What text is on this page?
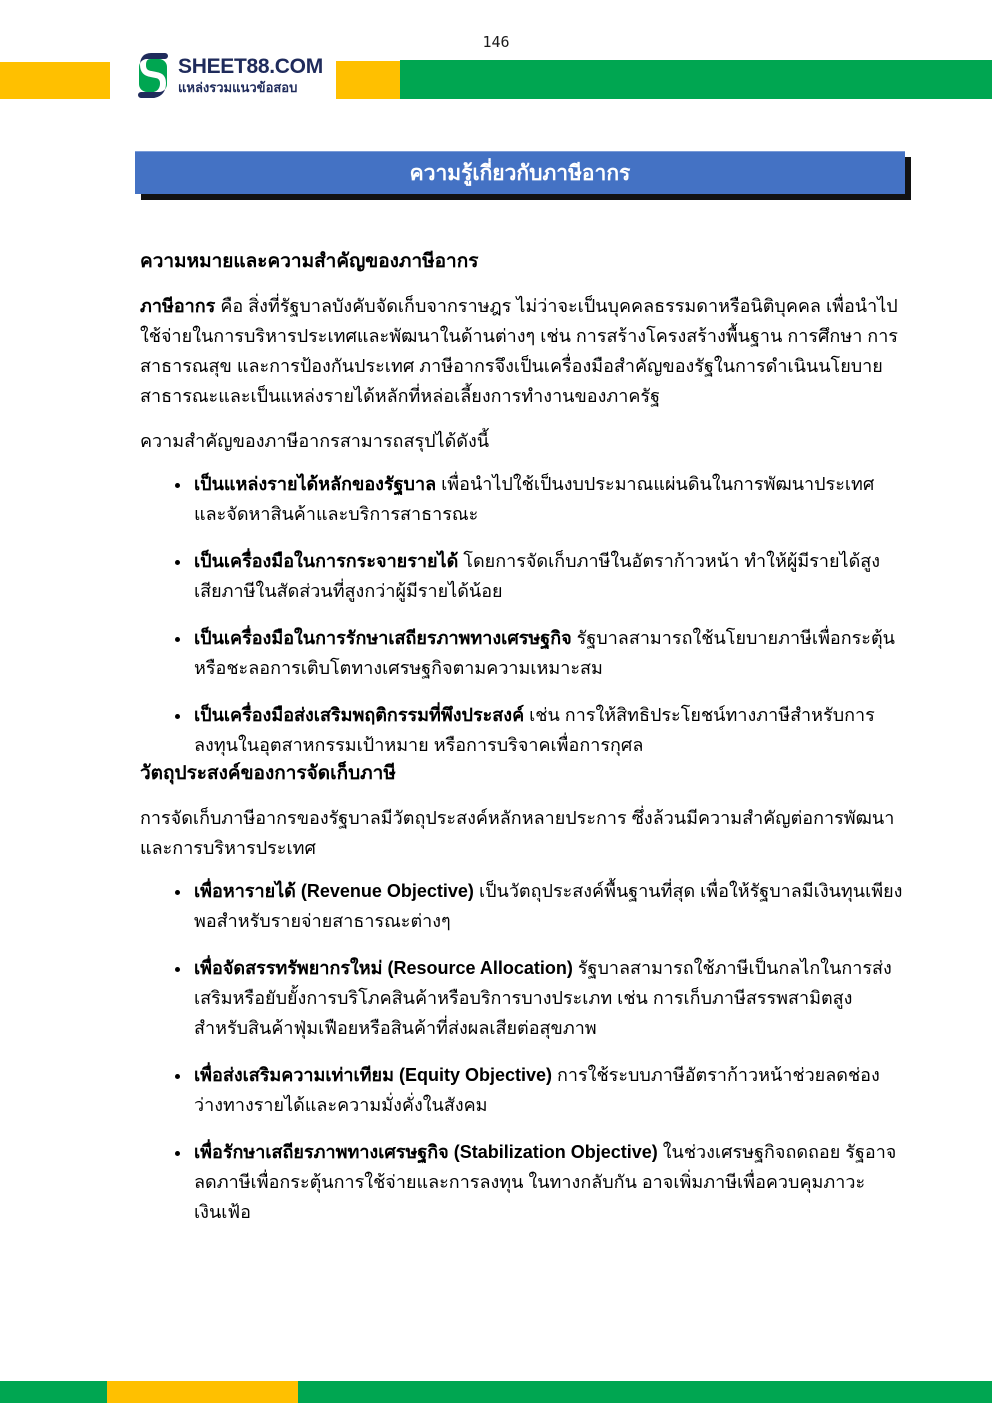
146
SHEET88.COM
แหล่งรวมแนวข้อสอบ
ความรู้เกี่ยวกับภาษีอากร
ความหมายและความสำคัญของภาษีอากร

ภาษีอากร คือ สิ่งที่รัฐบาลบังคับจัดเก็บจากราษฎร ไม่ว่าจะเป็นบุคคลธรรมดาหรือนิติบุคคล เพื่อนำไปใช้จ่ายในการบริหารประเทศและพัฒนาในด้านต่างๆ เช่น การสร้างโครงสร้างพื้นฐาน การศึกษา การสาธารณสุข และการป้องกันประเทศ ภาษีอากรจึงเป็นเครื่องมือสำคัญของรัฐในการดำเนินนโยบายสาธารณะและเป็นแหล่งรายได้หลักที่หล่อเลี้ยงการทำงานของภาครัฐ

ความสำคัญของภาษีอากรสามารถสรุปได้ดังนี้

• เป็นแหล่งรายได้หลักของรัฐบาล เพื่อนำไปใช้เป็นงบประมาณแผ่นดินในการพัฒนาประเทศและจัดหาสินค้าและบริการสาธารณะ
• เป็นเครื่องมือในการกระจายรายได้ โดยการจัดเก็บภาษีในอัตราก้าวหน้า ทำให้ผู้มีรายได้สูงเสียภาษีในสัดส่วนที่สูงกว่าผู้มีรายได้น้อย
• เป็นเครื่องมือในการรักษาเสถียรภาพทางเศรษฐกิจ รัฐบาลสามารถใช้นโยบายภาษีเพื่อกระตุ้นหรือชะลอการเติบโตทางเศรษฐกิจตามความเหมาะสม
• เป็นเครื่องมือส่งเสริมพฤติกรรมที่พึงประสงค์ เช่น การให้สิทธิประโยชน์ทางภาษีสำหรับการลงทุนในอุตสาหกรรมเป้าหมาย หรือการบริจาคเพื่อการกุศล
วัตถุประสงค์ของการจัดเก็บภาษี

การจัดเก็บภาษีอากรของรัฐบาลมีวัตถุประสงค์หลักหลายประการ ซึ่งล้วนมีความสำคัญต่อการพัฒนาและการบริหารประเทศ

• เพื่อหารายได้ (Revenue Objective) เป็นวัตถุประสงค์พื้นฐานที่สุด เพื่อให้รัฐบาลมีเงินทุนเพียงพอสำหรับรายจ่ายสาธารณะต่างๆ
• เพื่อจัดสรรทรัพยากรใหม่ (Resource Allocation) รัฐบาลสามารถใช้ภาษีเป็นกลไกในการส่งเสริมหรือยับยั้งการบริโภคสินค้าหรือบริการบางประเภท เช่น การเก็บภาษีสรรพสามิตสูงสำหรับสินค้าฟุ่มเฟือยหรือสินค้าที่ส่งผลเสียต่อสุขภาพ
• เพื่อส่งเสริมความเท่าเทียม (Equity Objective) การใช้ระบบภาษีอัตราก้าวหน้าช่วยลดช่องว่างทางรายได้และความมั่งคั่งในสังคม
• เพื่อรักษาเสถียรภาพทางเศรษฐกิจ (Stabilization Objective) ในช่วงเศรษฐกิจถดถอย รัฐอาจลดภาษีเพื่อกระตุ้นการใช้จ่ายและการลงทุน ในทางกลับกัน อาจเพิ่มภาษีเพื่อควบคุมภาวะเงินเฟ้อ
